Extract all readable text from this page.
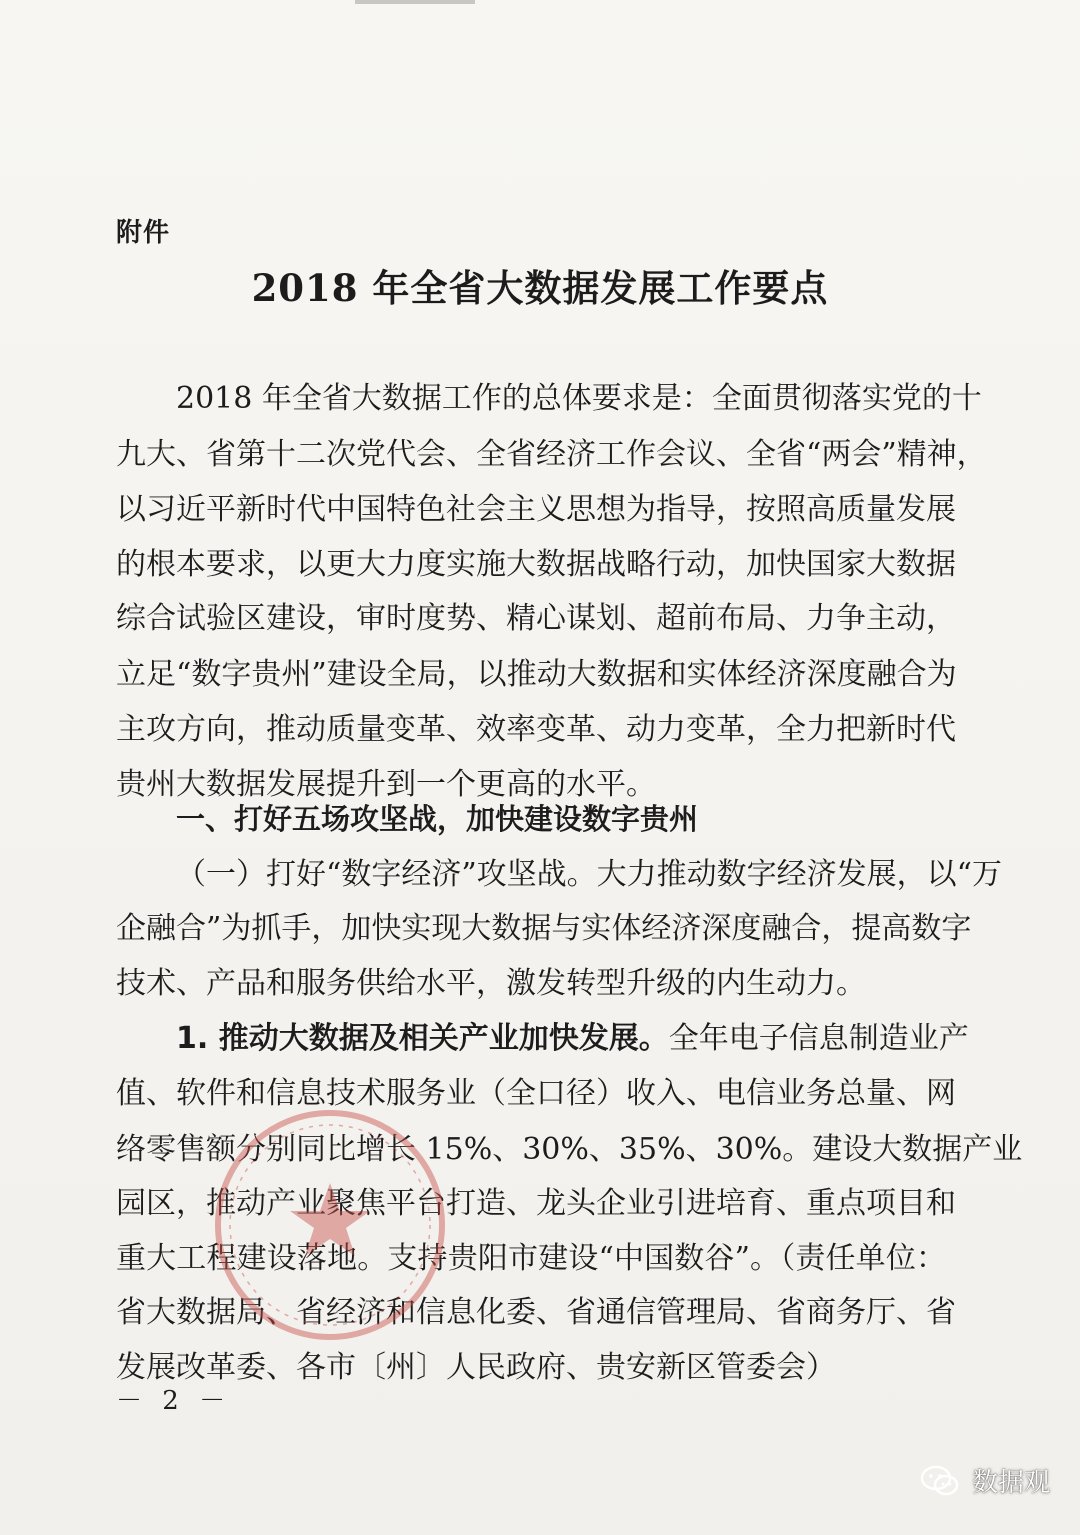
附件
2018 年全省大数据发展工作要点
2018 年全省大数据工作的总体要求是：全面贯彻落实党的十
九大、省第十二次党代会、全省经济工作会议、全省“两会”精神，
以习近平新时代中国特色社会主义思想为指导，按照高质量发展
的根本要求，以更大力度实施大数据战略行动，加快国家大数据
综合试验区建设，审时度势、精心谋划、超前布局、力争主动，
立足“数字贵州”建设全局，以推动大数据和实体经济深度融合为
主攻方向，推动质量变革、效率变革、动力变革，全力把新时代
贵州大数据发展提升到一个更高的水平。
一、打好五场攻坚战，加快建设数字贵州
（一）打好“数字经济”攻坚战。大力推动数字经济发展，以“万
企融合”为抓手，加快实现大数据与实体经济深度融合，提高数字
技术、产品和服务供给水平，激发转型升级的内生动力。
1. 推动大数据及相关产业加快发展。全年电子信息制造业产
值、软件和信息技术服务业（全口径）收入、电信业务总量、网
络零售额分别同比增长 15%、30%、35%、30%。建设大数据产业
园区，推动产业聚焦平台打造、龙头企业引进培育、重点项目和
重大工程建设落地。支持贵阳市建设“中国数谷”。（责任单位：
省大数据局、省经济和信息化委、省通信管理局、省商务厅、省
发展改革委、各市〔州〕人民政府、贵安新区管委会）
－ 2 －
数据观
